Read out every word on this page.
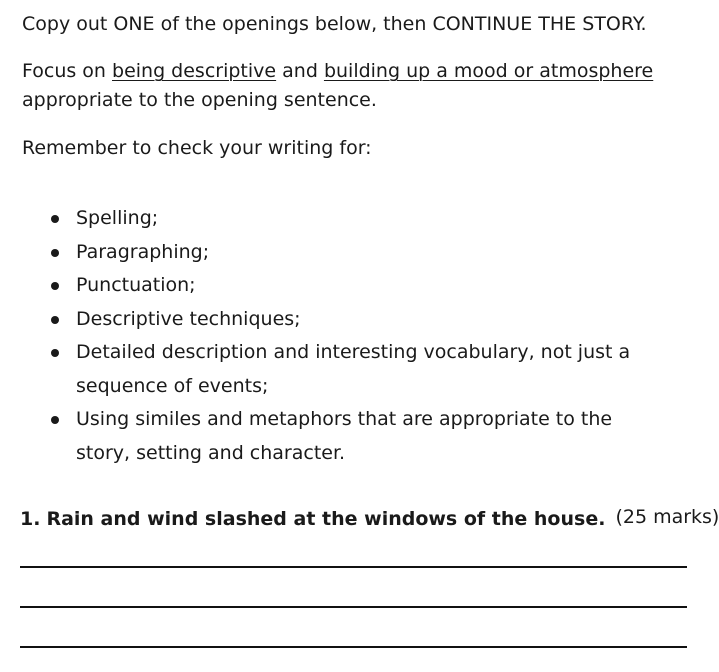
Copy out ONE of the openings below, then CONTINUE THE STORY.
Focus on being descriptive and building up a mood or atmosphere
appropriate to the opening sentence.
Remember to check your writing for:
Spelling;
Paragraphing;
Punctuation;
Descriptive techniques;
Detailed description and interesting vocabulary, not just a sequence of events;
Using similes and metaphors that are appropriate to the story, setting and character.
1. Rain and wind slashed at the windows of the house. (25 marks)
